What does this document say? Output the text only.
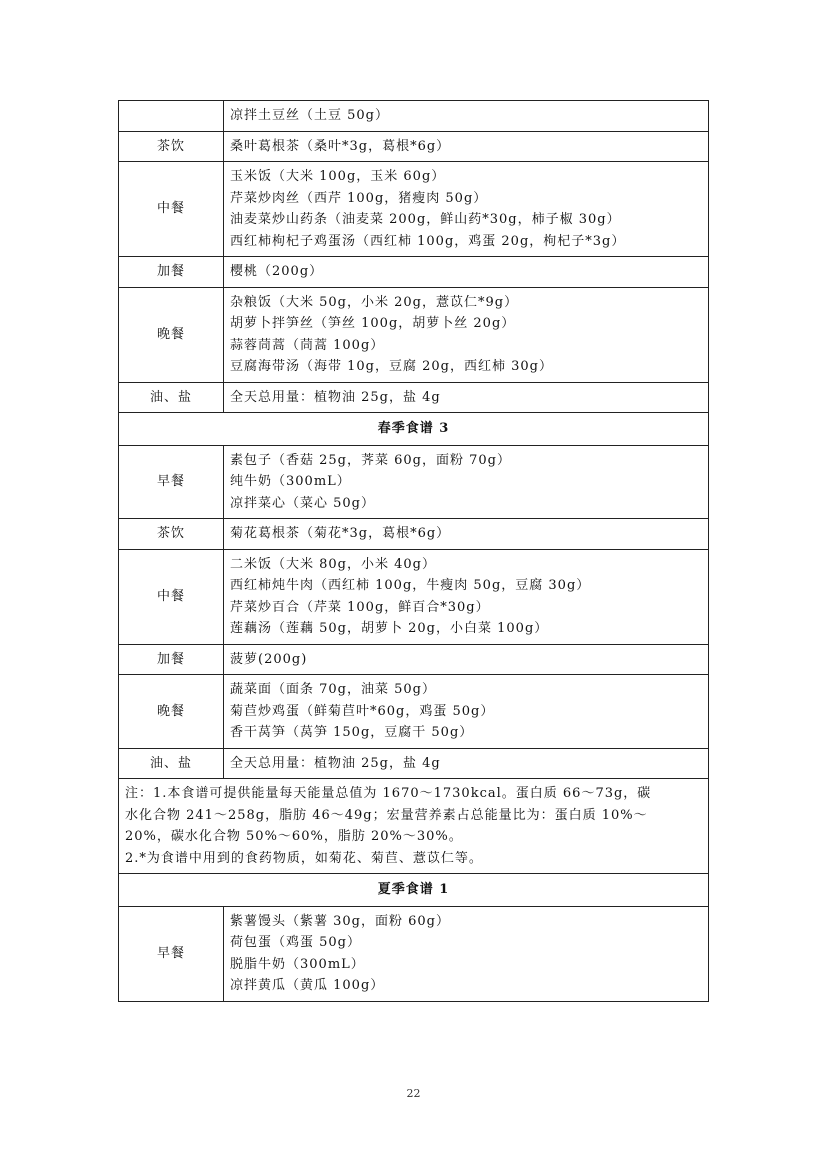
	凉拌土豆丝（土豆 50g）

茶饮	桑叶葛根茶（桑叶*3g，葛根*6g）

中餐	玉米饭（大米 100g，玉米 60g）
芹菜炒肉丝（西芹 100g，猪瘦肉 50g）
油麦菜炒山药条（油麦菜 200g，鲜山药*30g，柿子椒 30g）
西红柿枸杞子鸡蛋汤（西红柿 100g，鸡蛋 20g，枸杞子*3g）

加餐	樱桃（200g）

晚餐	杂粮饭（大米 50g，小米 20g，薏苡仁*9g）
胡萝卜拌笋丝（笋丝 100g，胡萝卜丝 20g）
蒜蓉茼蒿（茼蒿 100g）
豆腐海带汤（海带 10g，豆腐 20g，西红柿 30g）

油、盐	全天总用量：植物油 25g，盐 4g

春季食谱 3	
早餐	素包子（香菇 25g，荠菜 60g，面粉 70g）
纯牛奶（300mL）
凉拌菜心（菜心 50g）

茶饮	菊花葛根茶（菊花*3g，葛根*6g）

中餐	二米饭（大米 80g，小米 40g）
西红柿炖牛肉（西红柿 100g，牛瘦肉 50g，豆腐 30g）
芹菜炒百合（芹菜 100g，鲜百合*30g）
莲藕汤（莲藕 50g，胡萝卜 20g，小白菜 100g）

加餐	菠萝(200g)

晚餐	蔬菜面（面条 70g，油菜 50g）
菊苣炒鸡蛋（鲜菊苣叶*60g，鸡蛋 50g）
香干莴笋（莴笋 150g，豆腐干 50g）

油、盐	全天总用量：植物油 25g，盐 4g

注：1.本食谱可提供能量每天能量总值为 1670～1730kcal。蛋白质 66～73g，碳
水化合物 241～258g，脂肪 46～49g；宏量营养素占总能量比为：蛋白质 10%～
20%，碳水化合物 50%～60%，脂肪 20%～30%。
2.*为食谱中用到的食药物质，如菊花、菊苣、薏苡仁等。	

夏季食谱 1	
早餐	紫薯馒头（紫薯 30g，面粉 60g）
荷包蛋（鸡蛋 50g）
脱脂牛奶（300mL）
凉拌黄瓜（黄瓜 100g）
22
